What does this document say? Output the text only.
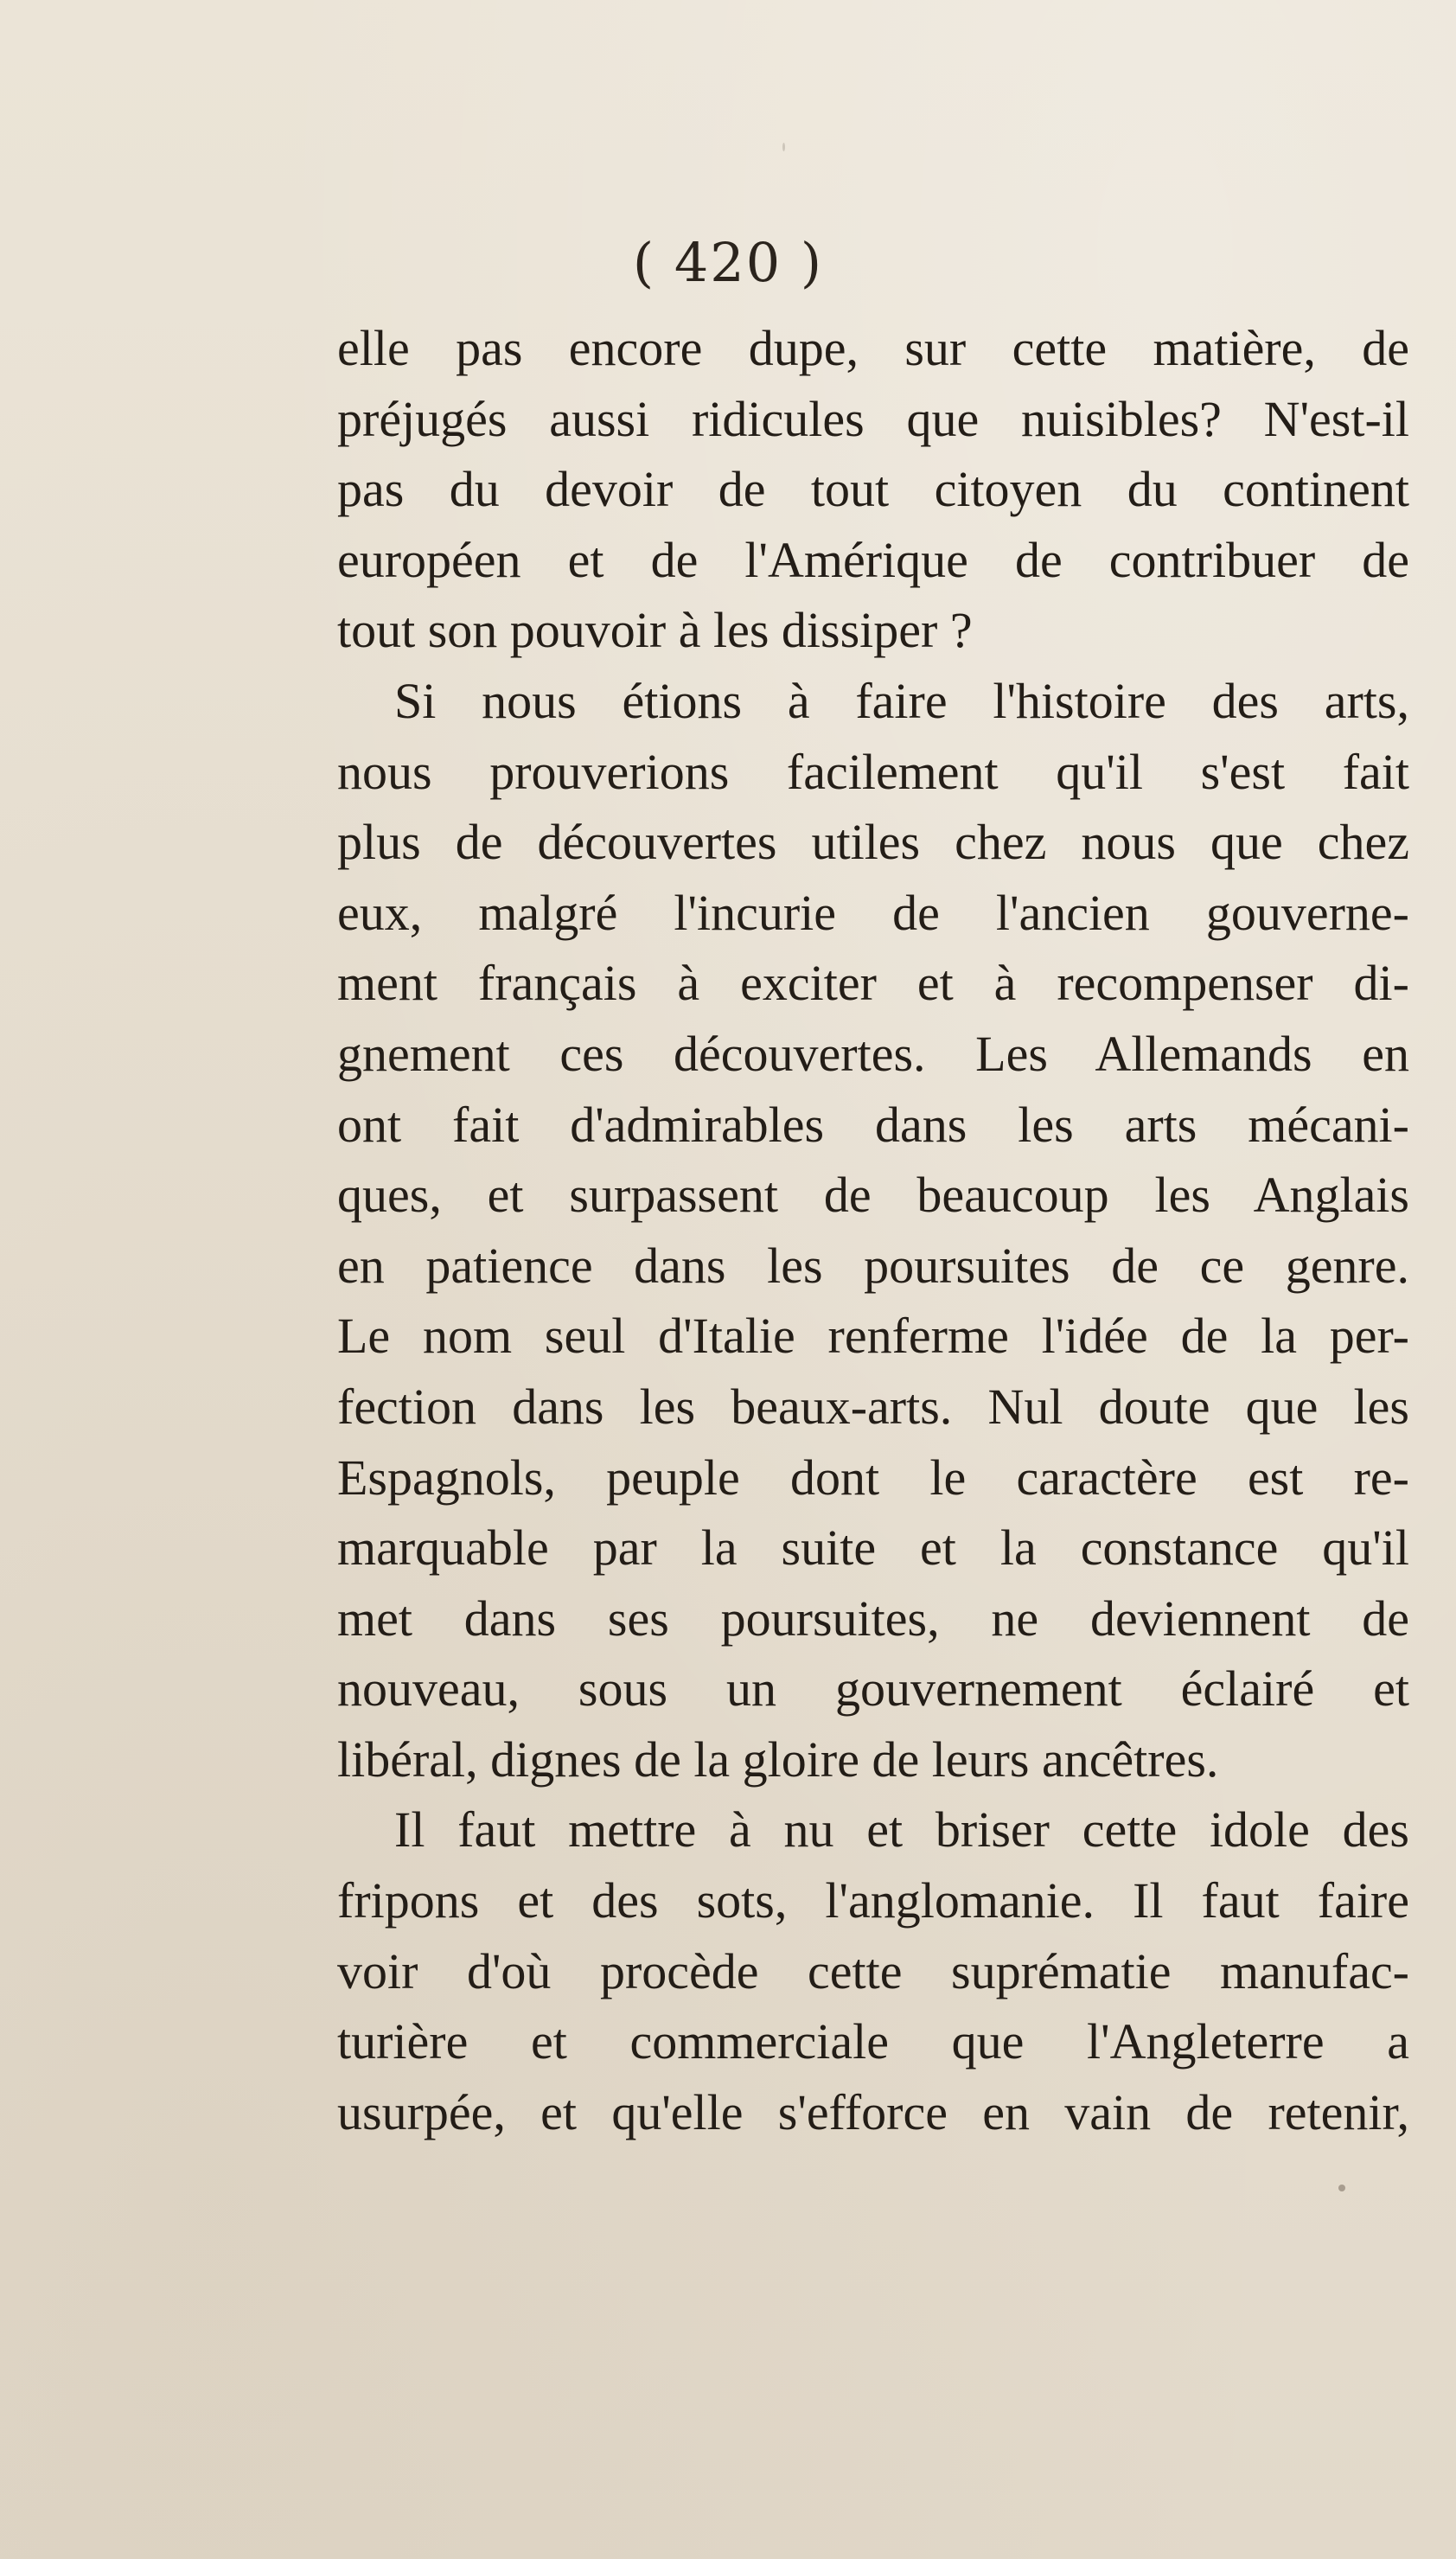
( 420 )
elle pas encore dupe, sur cette matière, de
préjugés aussi ridicules que nuisibles? N'est-il
pas du devoir de tout citoyen du continent
européen et de l'Amérique de contribuer de
tout son pouvoir à les dissiper ?
Si nous étions à faire l'histoire des arts,
nous prouverions facilement qu'il s'est fait
plus de découvertes utiles chez nous que chez
eux, malgré l'incurie de l'ancien gouverne-
ment français à exciter et à recompenser di-
gnement ces découvertes. Les Allemands en
ont fait d'admirables dans les arts mécani-
ques, et surpassent de beaucoup les Anglais
en patience dans les poursuites de ce genre.
Le nom seul d'Italie renferme l'idée de la per-
fection dans les beaux-arts. Nul doute que les
Espagnols, peuple dont le caractère est re-
marquable par la suite et la constance qu'il
met dans ses poursuites, ne deviennent de
nouveau, sous un gouvernement éclairé et
libéral, dignes de la gloire de leurs ancêtres.
Il faut mettre à nu et briser cette idole des
fripons et des sots, l'anglomanie. Il faut faire
voir d'où procède cette suprématie manufac-
turière et commerciale que l'Angleterre a
usurpée, et qu'elle s'efforce en vain de retenir,
